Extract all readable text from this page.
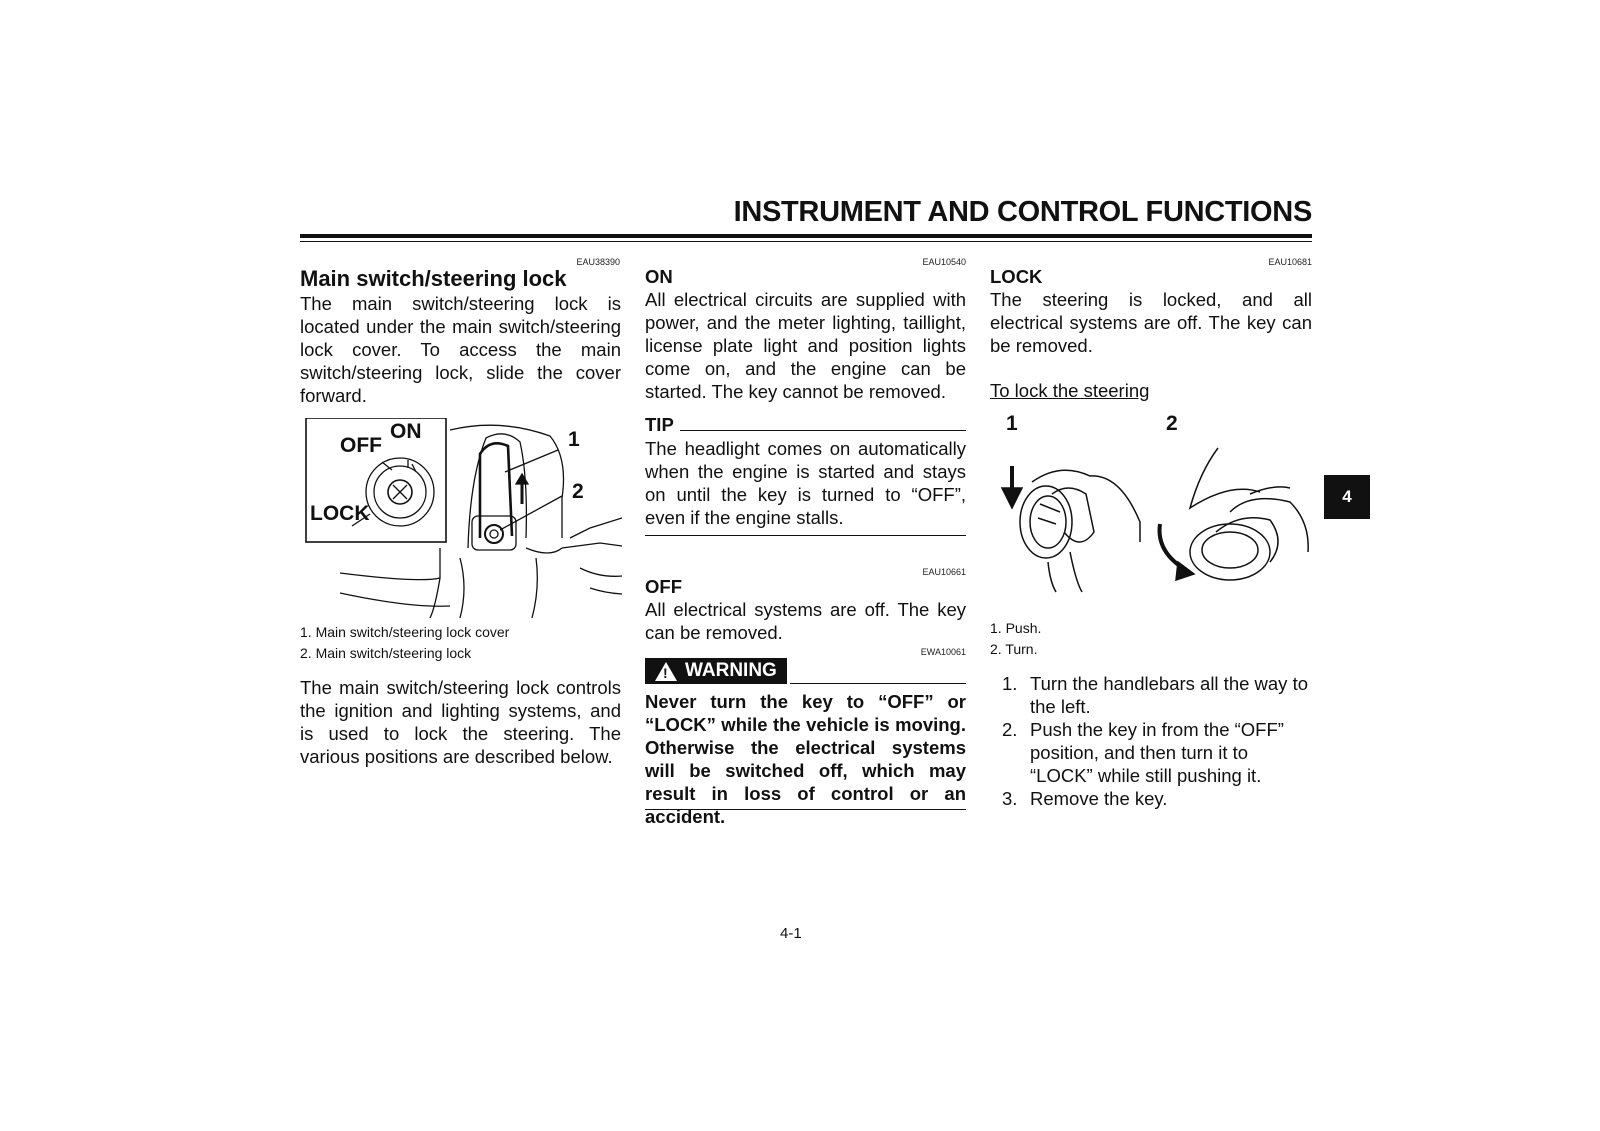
INSTRUMENT AND CONTROL FUNCTIONS
EAU38390
Main switch/steering lock
The main switch/steering lock is located under the main switch/steering lock cover. To access the main switch/steering lock, slide the cover forward.
ON
OFF
LOCK
1
2
1. Main switch/steering lock cover
2. Main switch/steering lock
The main switch/steering lock controls the ignition and lighting systems, and is used to lock the steering. The various positions are described below.
EAU10540
ON
All electrical circuits are supplied with power, and the meter lighting, taillight, license plate light and position lights come on, and the engine can be started. The key cannot be removed.
TIP
The headlight comes on automatically when the engine is started and stays on until the key is turned to “OFF”, even if the engine stalls.
EAU10661
OFF
All electrical systems are off. The key can be removed.
EWA10061
! WARNING
Never turn the key to “OFF” or “LOCK” while the vehicle is moving. Otherwise the electrical systems will be switched off, which may result in loss of control or an accident.
EAU10681
LOCK
The steering is locked, and all electrical systems are off. The key can be removed.
To lock the steering
1	2
1. Push.
2. Turn.
1. Turn the handlebars all the way to the left.
2. Push the key in from the “OFF” position, and then turn it to “LOCK” while still pushing it.
3. Remove the key.
4
4-1
